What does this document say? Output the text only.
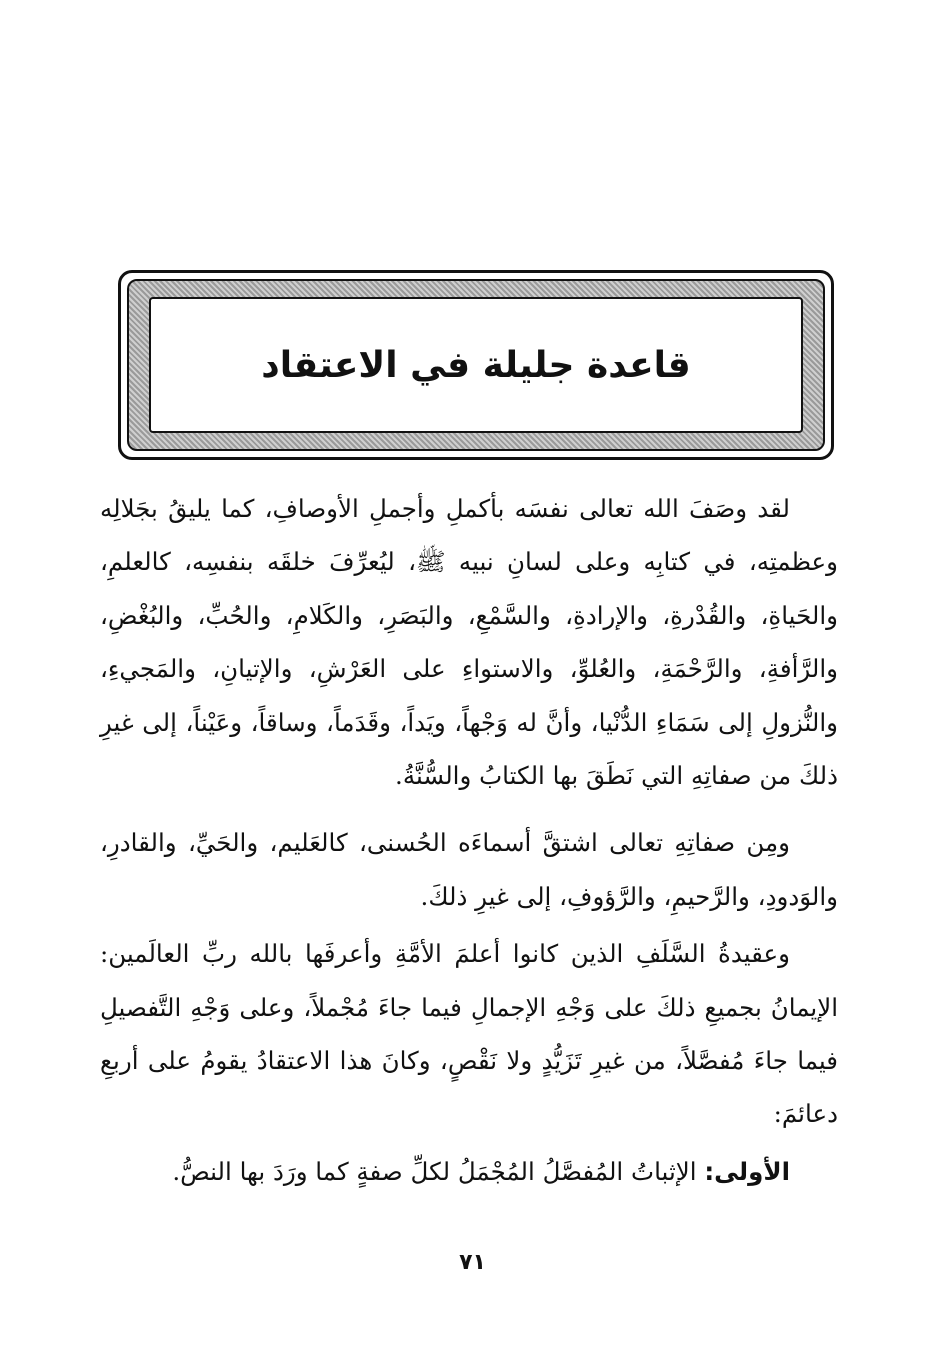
قاعدة جليلة في الاعتقاد

لقد وصَفَ الله تعالى نفسَه بأكملِ وأجملِ الأوصافِ، كما يليقُ بجَلالِه وعظمتِه، في كتابِه وعلى لسانِ نبيه ﷺ، ليُعرِّفَ خلقَه بنفسِه، كالعلمِ، والحَياةِ، والقُدْرةِ، والإرادةِ، والسَّمْعِ، والبَصَرِ، والكَلامِ، والحُبِّ، والبُغْضِ، والرَّأفةِ، والرَّحْمَةِ، والعُلوِّ، والاستواءِ على العَرْشِ، والإتيانِ، والمَجيءِ، والنُّزولِ إلى سَمَاءِ الدُّنْيا، وأنَّ له وَجْهاً، ويَداً، وقَدَماً، وساقاً، وعَيْناً، إلى غيرِ ذلكَ من صفاتِهِ التي نَطَقَ بها الكتابُ والسُّنَّةُ.

ومِن صفاتِهِ تعالى اشتقَّ أسماءَه الحُسنى، كالعَليم، والحَيِّ، والقادرِ، والوَدودِ، والرَّحيمِ، والرَّؤوفِ، إلى غيرِ ذلكَ.

وعقيدةُ السَّلَفِ الذين كانوا أعلمَ الأمَّةِ وأعرفَها بالله ربِّ العالَمين: الإيمانُ بجميعِ ذلكَ على وَجْهِ الإجمالِ فيما جاءَ مُجْملاً، وعلى وَجْهِ التَّفصيلِ فيما جاءَ مُفصَّلاً، من غيرِ تَزَيُّدٍ ولا نَقْصٍ، وكانَ هذا الاعتقادُ يقومُ على أربعِ دعائمَ:

الأولى: الإثباتُ المُفصَّلُ المُجْمَلُ لكلِّ صفةٍ كما ورَدَ بها النصُّ.

٧١
